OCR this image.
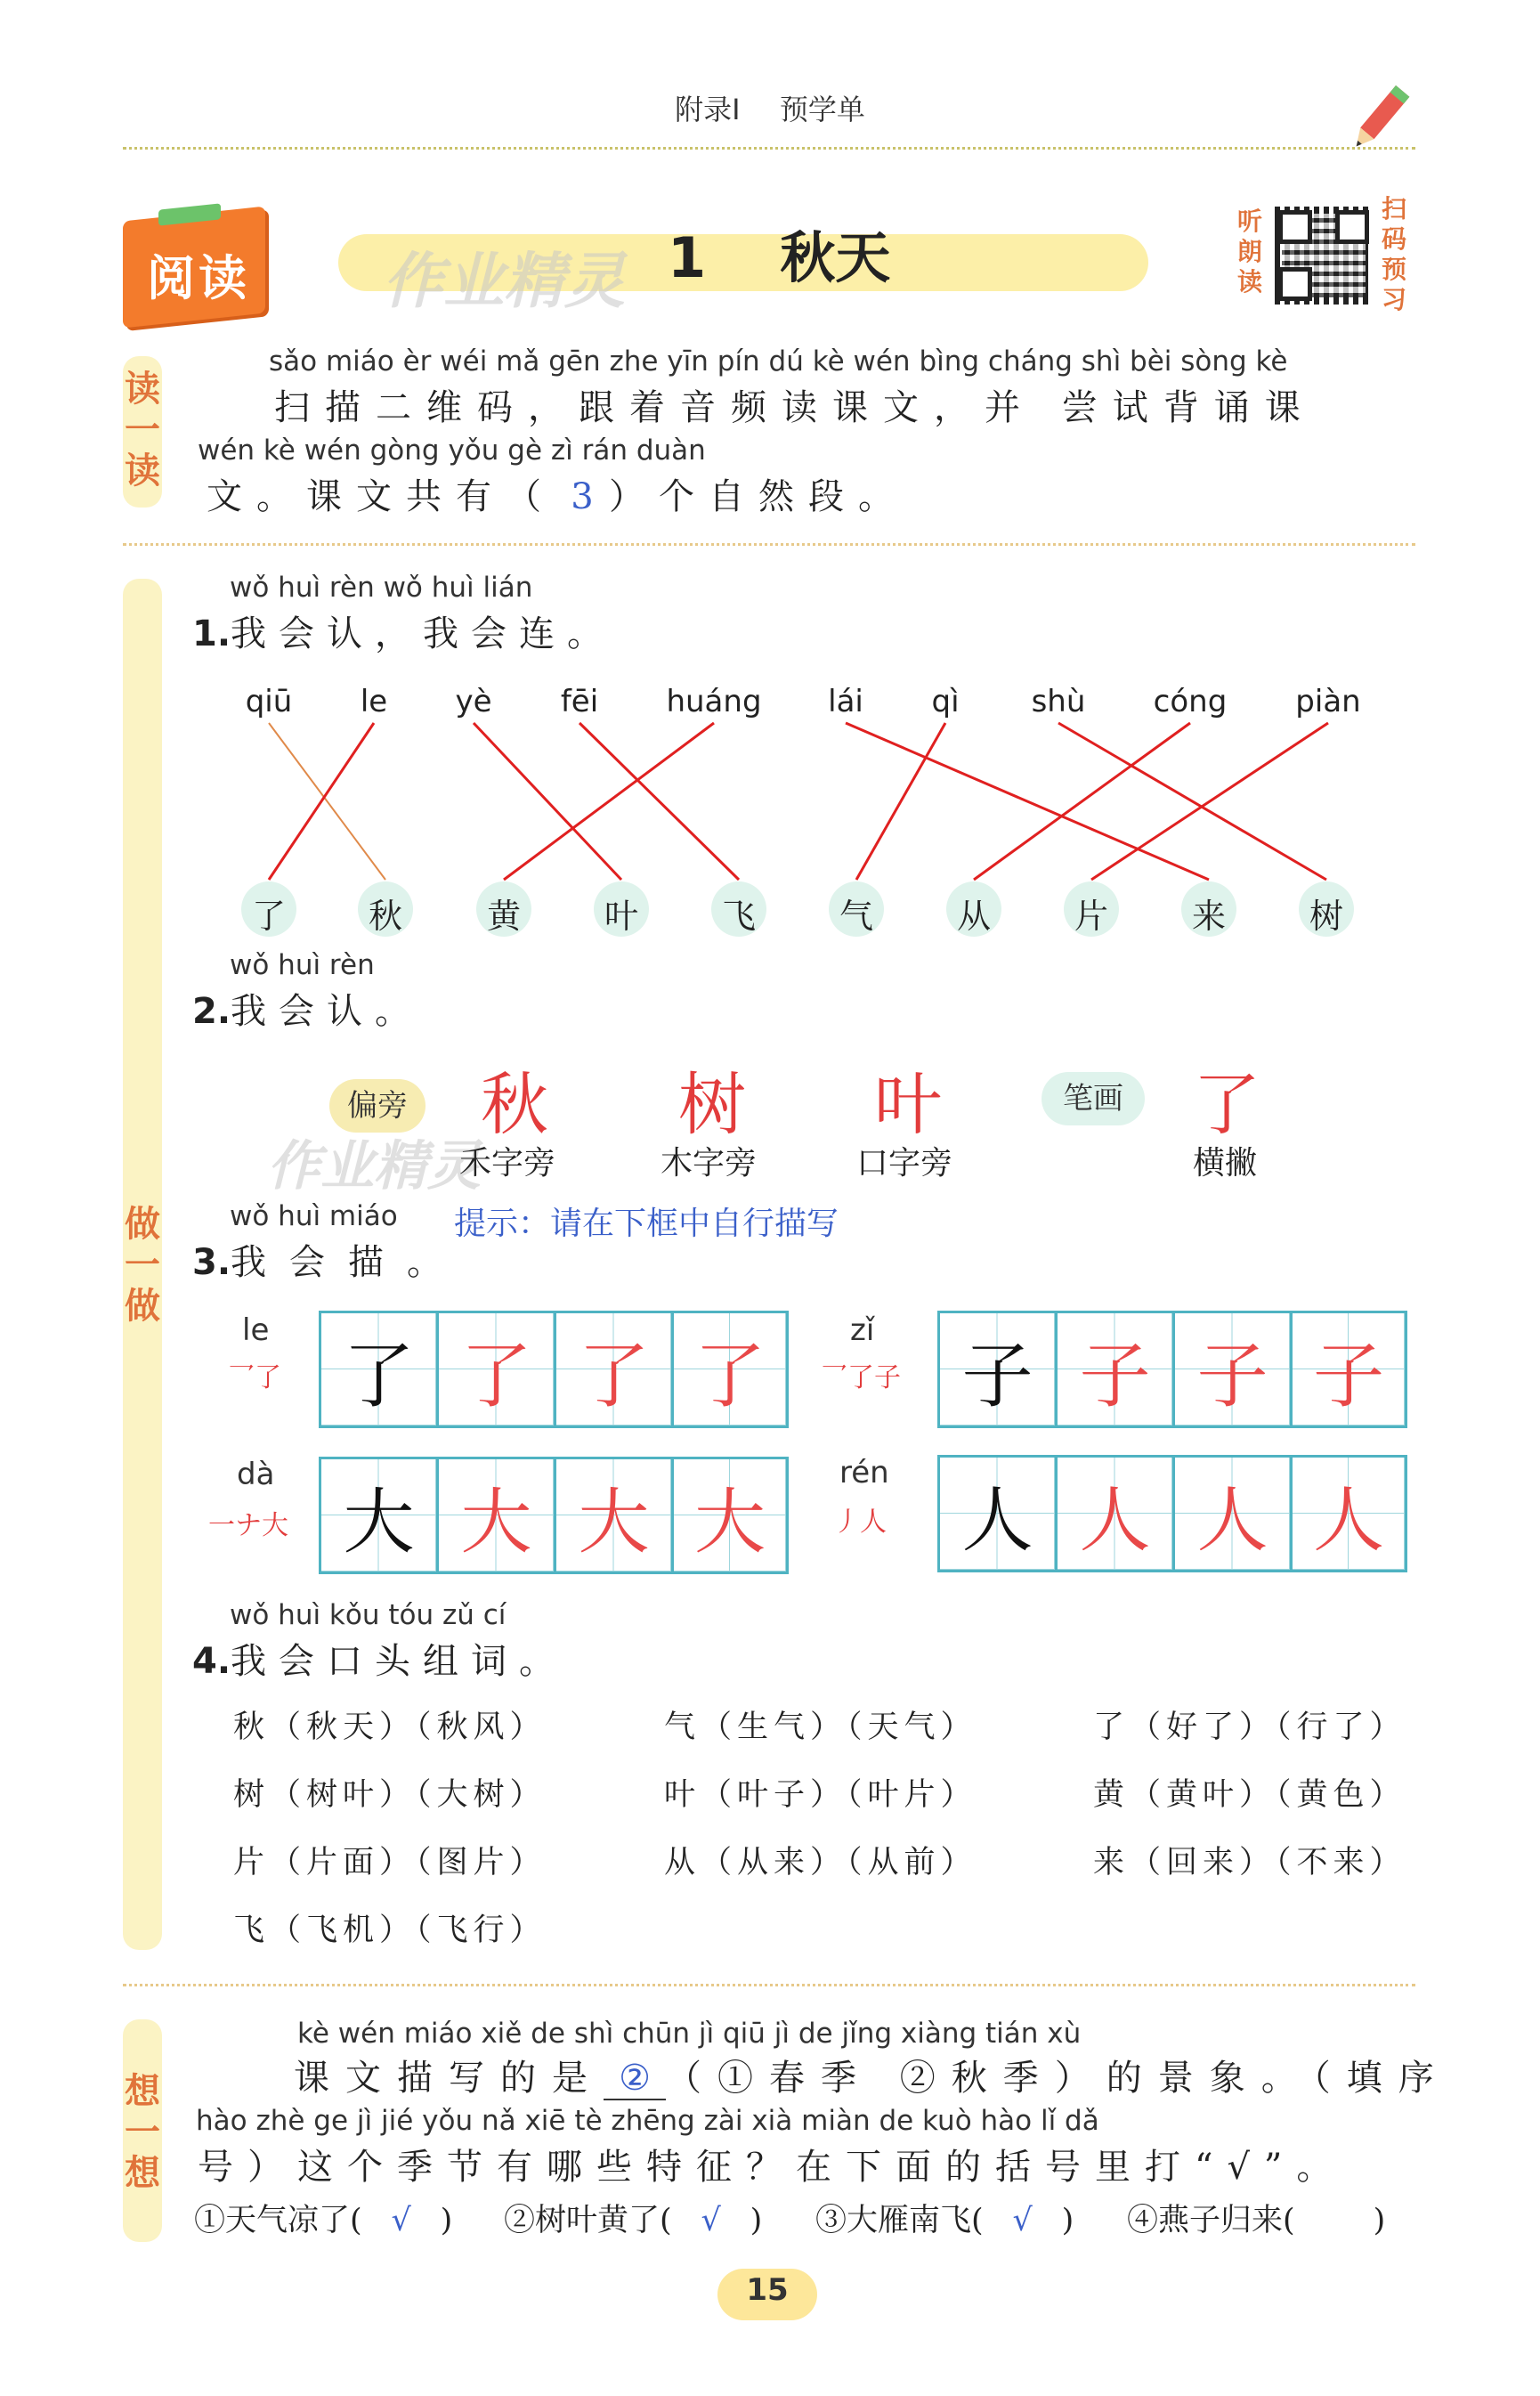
附录Ⅰ 预学单
阅读 作业精灵 1 秋天
听朗读
扫码预习
读一读
sǎo miáo èr wéi mǎ gēn zhe yīn pín dú kè wén bìng cháng shì bèi sòng kè
扫描二维码，跟着音频读课文，并 尝试背诵课
wén kè wén gòng yǒu gè zì rán duàn
文。课文共有（ 3 ）个自然段。
做一做
wǒ huì rèn wǒ huì lián
1.我会认，我会连。
qiū le yè fēi huáng lái qì shù cóng piàn
了 秋 黄 叶 飞 气 从 片 来 树
wǒ huì rèn
2.我会认。
偏旁	笔画
作业精灵
秋
禾字旁
树
木字旁
叶
口字旁
了
横撇
wǒ huì miáo 提示：请在下框中自行描写
3.我会描。
le
乛了 了 了 了 了
zǐ
乛了子 子 子 子 子
dà
一ナ大 大 大 大 大
rén
丿人	人 人 人 人
wǒ huì kǒu tóu zǔ cí
4.我会口头组词。
秋（秋天）（秋风）	气（生气）（天气）	了（好了）（行了）
树（树叶）（大树）	叶（叶子）（叶片）	黄（黄叶）（黄色）
片（片面）（图片）	从（从来）（从前）	来（回来）（不来）
飞（飞机）（飞行）
想一想
kè wén miáo xiě de shì chūn jì qiū jì de jǐng xiàng tián xù
课文描写的是 ② （①春季 ②秋季）的景象。（填序
hào zhè ge jì jié yǒu nǎ xiē tè zhēng zài xià miàn de kuò hào lǐ dǎ
号）这个季节有哪些特征？在下面的括号里打“√”。
①天气凉了( √ ) ②树叶黄了( √ ) ③大雁南飞( √ ) ④燕子归来(	)
15
